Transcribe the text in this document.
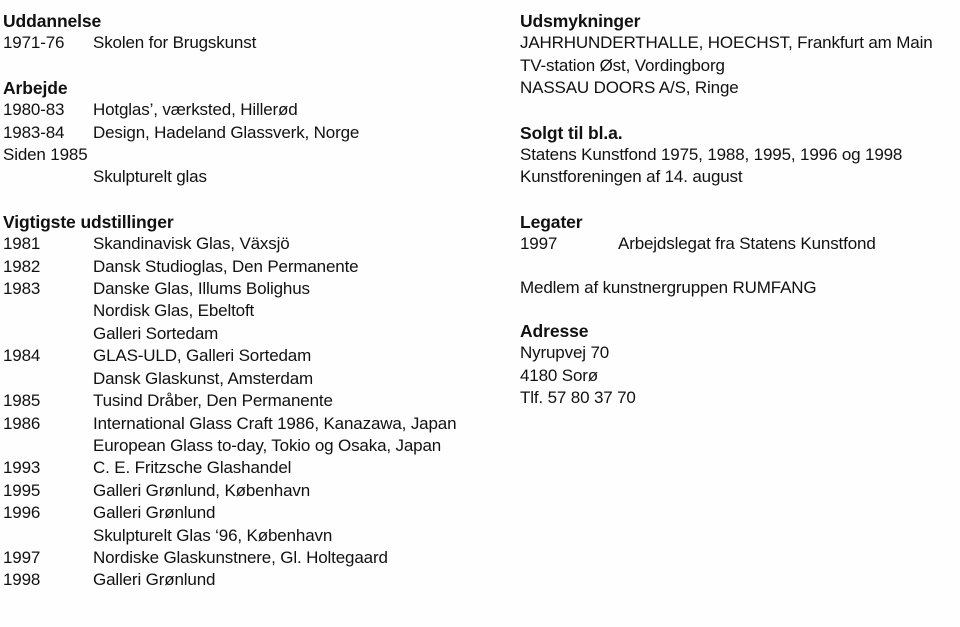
Uddannelse
1971-76	Skolen for Brugskunst
Arbejde
1980-83	Hotglas’, værksted, Hillerød
1983-84	Design, Hadeland Glassverk, Norge
Siden 1985
Skulpturelt glas
Vigtigste udstillinger
1981	Skandinavisk Glas, Växsjö
1982	Dansk Studioglas, Den Permanente
1983	Danske Glas, Illums Bolighus
Nordisk Glas, Ebeltoft
Galleri Sortedam
1984	GLAS-ULD, Galleri Sortedam
Dansk Glaskunst, Amsterdam
1985	Tusind Dråber, Den Permanente
1986	International Glass Craft 1986, Kanazawa, Japan
European Glass to-day, Tokio og Osaka, Japan
1993	C. E. Fritzsche Glashandel
1995	Galleri Grønlund, København
1996	Galleri Grønlund
Skulpturelt Glas ‘96, København
1997	Nordiske Glaskunstnere, Gl. Holtegaard
1998	Galleri Grønlund
Udsmykninger
JAHRHUNDERTHALLE, HOECHST, Frankfurt am Main
TV-station Øst, Vordingborg
NASSAU DOORS A/S, Ringe
Solgt til bl.a.
Statens Kunstfond 1975, 1988, 1995, 1996 og 1998
Kunstforeningen af 14. august
Legater
1997	Arbejdslegat fra Statens Kunstfond
Medlem af kunstnergruppen RUMFANG
Adresse
Nyrupvej 70
4180 Sorø
Tlf. 57 80 37 70
